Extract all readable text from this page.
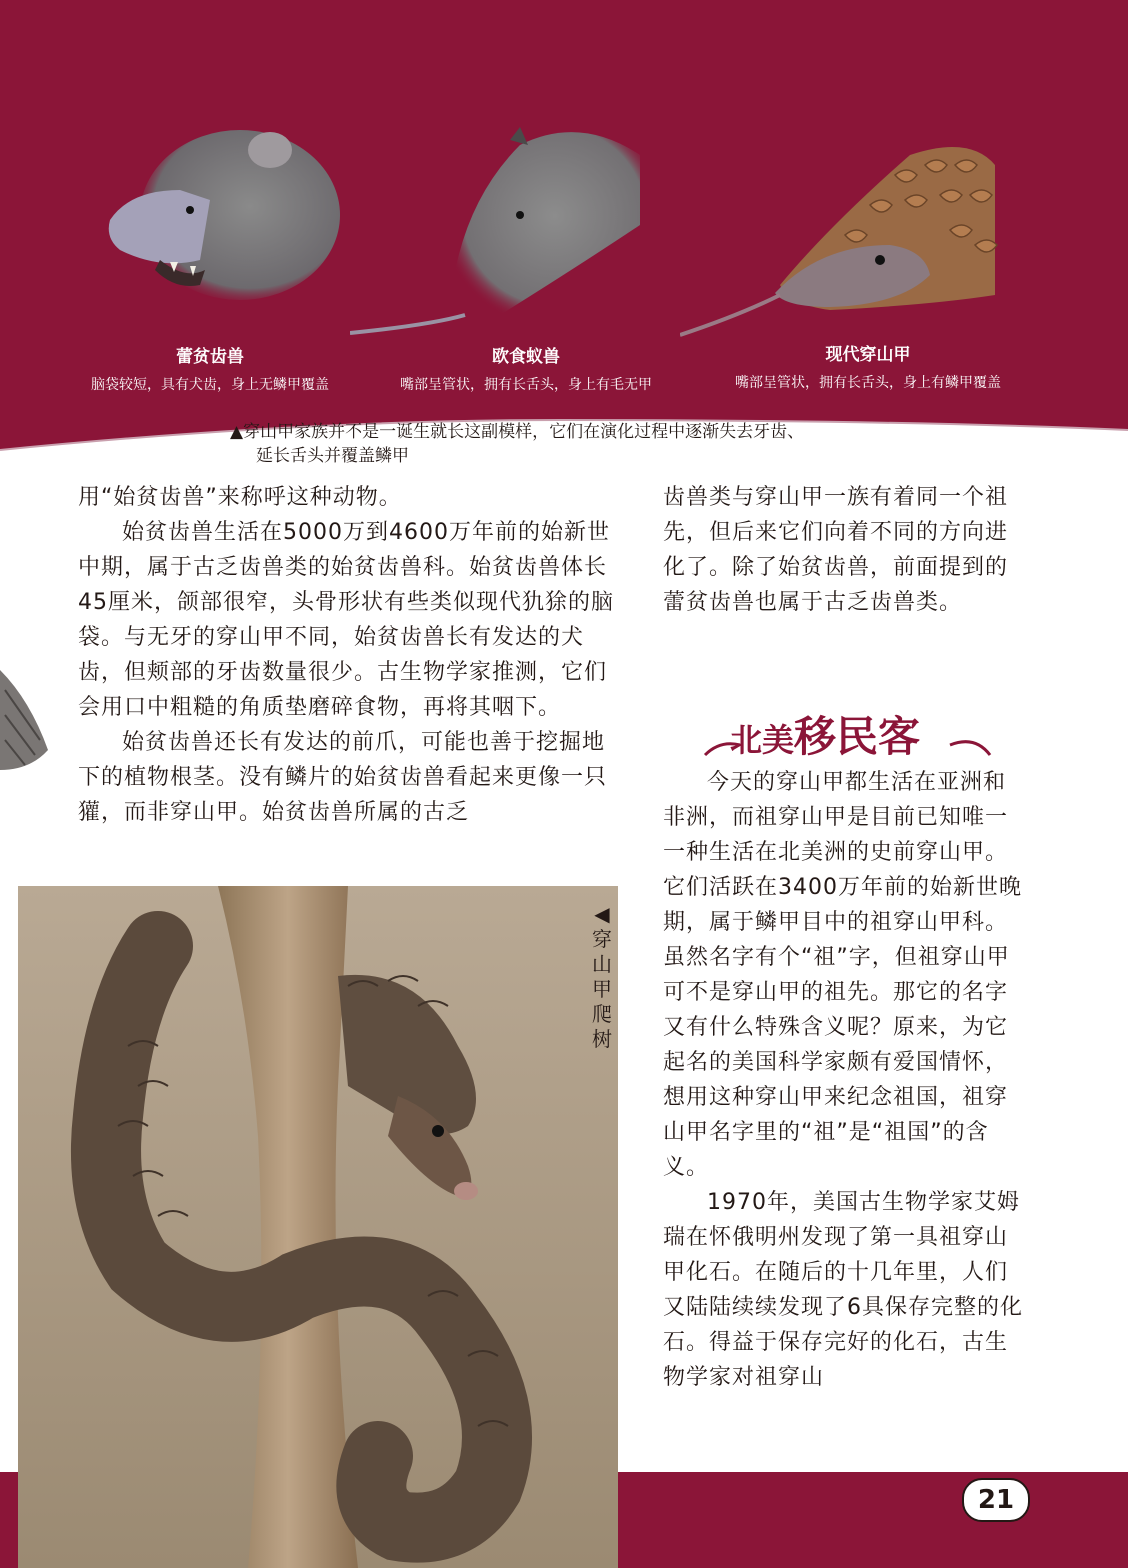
蕾贫齿兽
脑袋较短，具有犬齿，身上无鳞甲覆盖
欧食蚁兽
嘴部呈管状，拥有长舌头，身上有毛无甲
现代穿山甲
嘴部呈管状，拥有长舌头，身上有鳞甲覆盖
▲穿山甲家族并不是一诞生就长这副模样，它们在演化过程中逐渐失去牙齿、
延长舌头并覆盖鳞甲

用“始贫齿兽”来称呼这种动物。

始贫齿兽生活在5000万到4600万年前的始新世中期，属于古乏齿兽类的始贫齿兽科。始贫齿兽体长45厘米，颌部很窄，头骨形状有些类似现代犰狳的脑袋。与无牙的穿山甲不同，始贫齿兽长有发达的犬齿，但颊部的牙齿数量很少。古生物学家推测，它们会用口中粗糙的角质垫磨碎食物，再将其咽下。

始贫齿兽还长有发达的前爪，可能也善于挖掘地下的植物根茎。没有鳞片的始贫齿兽看起来更像一只獾，而非穿山甲。始贫齿兽所属的古乏

齿兽类与穿山甲一族有着同一个祖先，但后来它们向着不同的方向进化了。除了始贫齿兽，前面提到的蕾贫齿兽也属于古乏齿兽类。

北美移民客

今天的穿山甲都生活在亚洲和非洲，而祖穿山甲是目前已知唯一一种生活在北美洲的史前穿山甲。它们活跃在3400万年前的始新世晚期，属于鳞甲目中的祖穿山甲科。虽然名字有个“祖”字，但祖穿山甲可不是穿山甲的祖先。那它的名字又有什么特殊含义呢？原来，为它起名的美国科学家颇有爱国情怀，想用这种穿山甲来纪念祖国，祖穿山甲名字里的“祖”是“祖国”的含义。

1970年，美国古生物学家艾姆瑞在怀俄明州发现了第一具祖穿山甲化石。在随后的十几年里，人们又陆陆续续发现了6具保存完整的化石。得益于保存完好的化石，古生物学家对祖穿山

◀穿山甲爬树
21
